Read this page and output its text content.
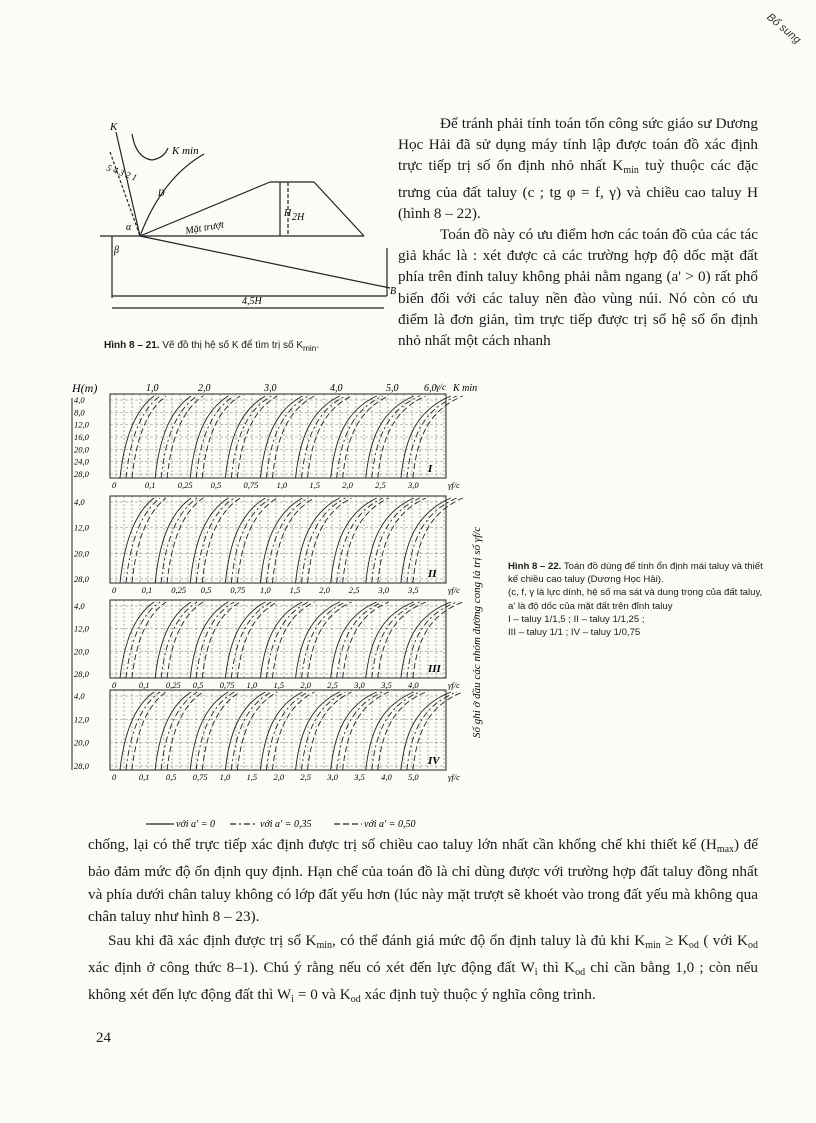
Bổ sung
K
K min
5 4 3 2 1
H 2H
α
β
Mặt trượt
B
4,5H
D
Hình 8 – 21. Vẽ đồ thị hệ số K để tìm trị số $K_{min}$.

Để tránh phải tính toán tốn công sức giáo sư Dương Học Hải đã sử dụng máy tính lập được toán đồ xác định trực tiếp trị số ổn định nhỏ nhất $K_{min}$ tuỳ thuộc các đặc trưng của đất taluy (c ; tg φ = f, γ) và chiều cao taluy H (hình 8 – 22).

Toán đồ này có ưu điểm hơn các toán đồ của các tác giả khác là : xét được cả các trường hợp độ dốc mặt đất phía trên đỉnh taluy không phải nằm ngang (a' > 0) rất phổ biến đối với các taluy nền đào vùng núi. Nó còn có ưu điểm là đơn giản, tìm trực tiếp được trị số hệ số ổn định nhỏ nhất một cách nhanh

H(m)	K min
γ/c
Số ghi ở đầu các nhóm đường cong là trị số γf/c
với a' = 0	với a' = 0,35	với a' = 0,50
1,0	2,0	3,0	4,0	5,0	6,0
4,0
8,0
12,0
16,0
20,0
24,0
28,0	I
0	0,1	0,25 0,5	0,75 1,0	1,5	2,0	2,5	3,0	γf/c
4,0
12,0
20,0
28,0	II
0	0,1 0,25 0,5 0,75 1,0 1,5 2,0 2,5 3,0 3,5	γf/c
4,0
12,0
20,0
28,0	III
0	0,1 0,25 0,5 0,75 1,0 1,5 2,0 2,5 3,0 3,5 4,0	γf/c
4,0
12,0
20,0
28,0	IV
0	0,1 0,5 0,75 1,0 1,5 2,0 2,5 3,0 3,5 4,0 5,0	γf/c
Hình 8 – 22. Toán đồ dùng để tính ổn định mái taluy và thiết kế chiều cao taluy (Dương Học Hải).
(c, f, γ là lực dính, hệ số ma sát và dung trọng của đất taluy, a' là độ dốc của mặt đất trên đỉnh taluy
I – taluy 1/1,5 ; II – taluy 1/1,25 ;
III – taluy 1/1 ; IV – taluy 1/0,75

chống, lại có thể trực tiếp xác định được trị số chiều cao taluy lớn nhất cần khống chế khi thiết kế $(H_{max})$ để bảo đảm mức độ ổn định quy định. Hạn chế của toán đồ là chỉ dùng được với trường hợp đất taluy đồng nhất và phía dưới chân taluy không có lớp đất yếu hơn (lúc này mặt trượt sẽ khoét vào trong đất yếu mà không qua chân taluy như hình 8 – 23).

Sau khi đã xác định được trị số $K_{min}$, có thể đánh giá mức độ ổn định taluy là đủ khi $K_{min} \ge K_{od}$ ( với $K_{od}$ xác định ở công thức 8–1). Chú ý rằng nếu có xét đến lực động đất $W_i$ thì $K_{od}$ chỉ cần bằng 1,0 ; còn nếu không xét đến lực động đất thì $W_i = 0$ và $K_{od}$ xác định tuỳ thuộc ý nghĩa công trình.

24
